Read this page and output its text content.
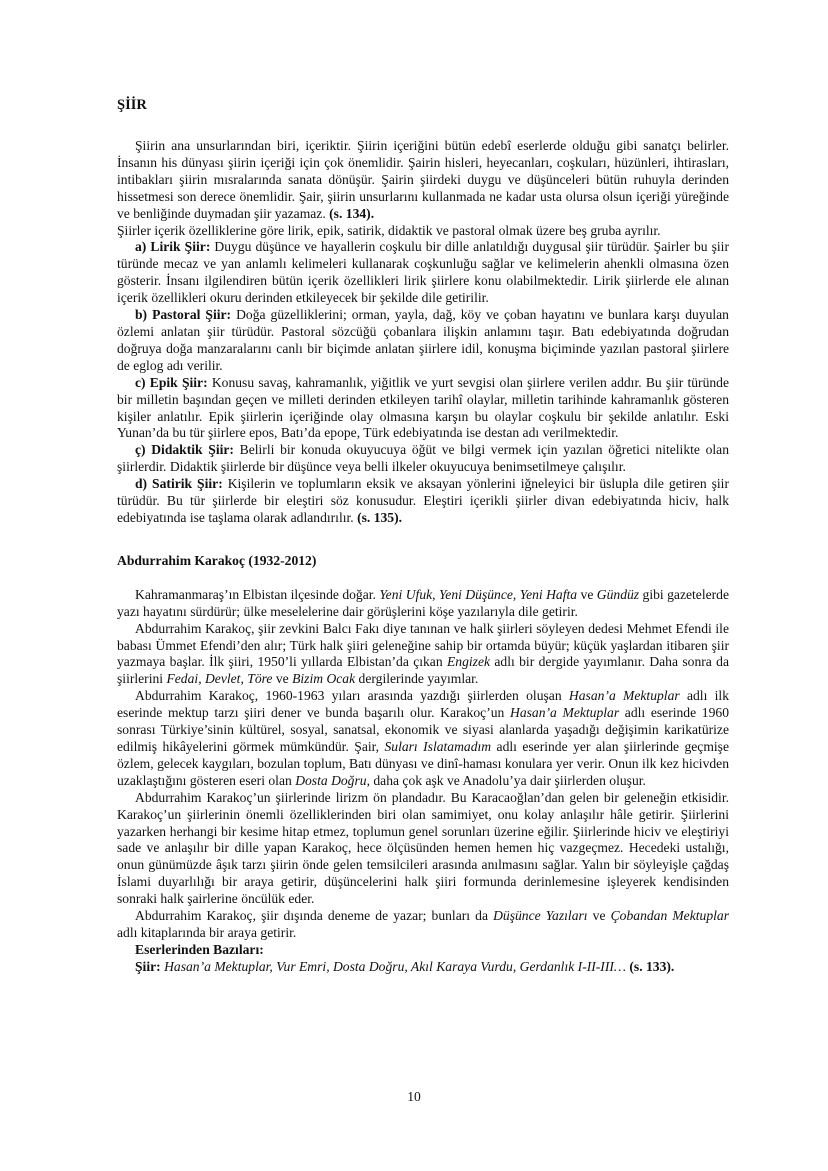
ŞİİR

Şiirin ana unsurlarından biri, içeriktir. Şiirin içeriğini bütün edebî eserlerde olduğu gibi sanatçı belirler. İnsanın his dünyası şiirin içeriği için çok önemlidir. Şairin hisleri, heyecanları, coşkuları, hüzünleri, ihtirasları, intibakları şiirin mısralarında sanata dönüşür. Şairin şiirdeki duygu ve düşünceleri bütün ruhuyla derinden hissetmesi son derece önemlidir. Şair, şiirin unsurlarını kullanmada ne kadar usta olursa olsun içeriği yüreğinde ve benliğinde duymadan şiir yazamaz. (s. 134).

Şiirler içerik özelliklerine göre lirik, epik, satirik, didaktik ve pastoral olmak üzere beş gruba ayrılır.

a) Lirik Şiir: Duygu düşünce ve hayallerin coşkulu bir dille anlatıldığı duygusal şiir türüdür. Şairler bu şiir türünde mecaz ve yan anlamlı kelimeleri kullanarak coşkunluğu sağlar ve kelimelerin ahenkli olmasına özen gösterir. İnsanı ilgilendiren bütün içerik özellikleri lirik şiirlere konu olabilmektedir. Lirik şiirlerde ele alınan içerik özellikleri okuru derinden etkileyecek bir şekilde dile getirilir.

b) Pastoral Şiir: Doğa güzelliklerini; orman, yayla, dağ, köy ve çoban hayatını ve bunlara karşı duyulan özlemi anlatan şiir türüdür. Pastoral sözcüğü çobanlara ilişkin anlamını taşır. Batı edebiyatında doğrudan doğruya doğa manzaralarını canlı bir biçimde anlatan şiirlere idil, konuşma biçiminde yazılan pastoral şiirlere de eglog adı verilir.

c) Epik Şiir: Konusu savaş, kahramanlık, yiğitlik ve yurt sevgisi olan şiirlere verilen addır. Bu şiir türünde bir milletin başından geçen ve milleti derinden etkileyen tarihî olaylar, milletin tarihinde kahramanlık gösteren kişiler anlatılır. Epik şiirlerin içeriğinde olay olmasına karşın bu olaylar coşkulu bir şekilde anlatılır. Eski Yunan’da bu tür şiirlere epos, Batı’da epope, Türk edebiyatında ise destan adı verilmektedir.

ç) Didaktik Şiir: Belirli bir konuda okuyucuya öğüt ve bilgi vermek için yazılan öğretici nitelikte olan şiirlerdir. Didaktik şiirlerde bir düşünce veya belli ilkeler okuyucuya benimsetilmeye çalışılır.

d) Satirik Şiir: Kişilerin ve toplumların eksik ve aksayan yönlerini iğneleyici bir üslupla dile getiren şiir türüdür. Bu tür şiirlerde bir eleştiri söz konusudur. Eleştiri içerikli şiirler divan edebiyatında hiciv, halk edebiyatında ise taşlama olarak adlandırılır. (s. 135).

Abdurrahim Karakoç (1932-2012)

Kahramanmaraş’ın Elbistan ilçesinde doğar. Yeni Ufuk, Yeni Düşünce, Yeni Hafta ve Gündüz gibi gazetelerde yazı hayatını sürdürür; ülke meselelerine dair görüşlerini köşe yazılarıyla dile getirir.

Abdurrahim Karakoç, şiir zevkini Balcı Fakı diye tanınan ve halk şiirleri söyleyen dedesi Mehmet Efendi ile babası Ümmet Efendi’den alır; Türk halk şiiri geleneğine sahip bir ortamda büyür; küçük yaşlardan itibaren şiir yazmaya başlar. İlk şiiri, 1950’li yıllarda Elbistan’da çıkan Engizek adlı bir dergide yayımlanır. Daha sonra da şiirlerini Fedai, Devlet, Töre ve Bizim Ocak dergilerinde yayımlar.

Abdurrahim Karakoç, 1960-1963 yıları arasında yazdığı şiirlerden oluşan Hasan’a Mektuplar adlı ilk eserinde mektup tarzı şiiri dener ve bunda başarılı olur. Karakoç’un Hasan’a Mektuplar adlı eserinde 1960 sonrası Türkiye’sinin kültürel, sosyal, sanatsal, ekonomik ve siyasi alanlarda yaşadığı değişimin karikatürize edilmiş hikâyelerini görmek mümkündür. Şair, Suları Islatamadım adlı eserinde yer alan şiirlerinde geçmişe özlem, gelecek kaygıları, bozulan toplum, Batı dünyası ve dinî-haması konulara yer verir. Onun ilk kez hicivden uzaklaştığını gösteren eseri olan Dosta Doğru, daha çok aşk ve Anadolu’ya dair şiirlerden oluşur.

Abdurrahim Karakoç’un şiirlerinde lirizm ön plandadır. Bu Karacaoğlan’dan gelen bir geleneğin etkisidir. Karakoç’un şiirlerinin önemli özelliklerinden biri olan samimiyet, onu kolay anlaşılır hâle getirir. Şiirlerini yazarken herhangi bir kesime hitap etmez, toplumun genel sorunları üzerine eğilir. Şiirlerinde hiciv ve eleştiriyi sade ve anlaşılır bir dille yapan Karakoç, hece ölçüsünden hemen hemen hiç vazgeçmez. Hecedeki ustalığı, onun günümüzde âşık tarzı şiirin önde gelen temsilcileri arasında anılmasını sağlar. Yalın bir söyleyişle çağdaş İslami duyarlılığı bir araya getirir, düşüncelerini halk şiiri formunda derinlemesine işleyerek kendisinden sonraki halk şairlerine öncülük eder.

Abdurrahim Karakoç, şiir dışında deneme de yazar; bunları da Düşünce Yazıları ve Çobandan Mektuplar adlı kitaplarında bir araya getirir.

Eserlerinden Bazıları:

Şiir: Hasan’a Mektuplar, Vur Emri, Dosta Doğru, Akıl Karaya Vurdu, Gerdanlık I-II-III… (s. 133).

10
